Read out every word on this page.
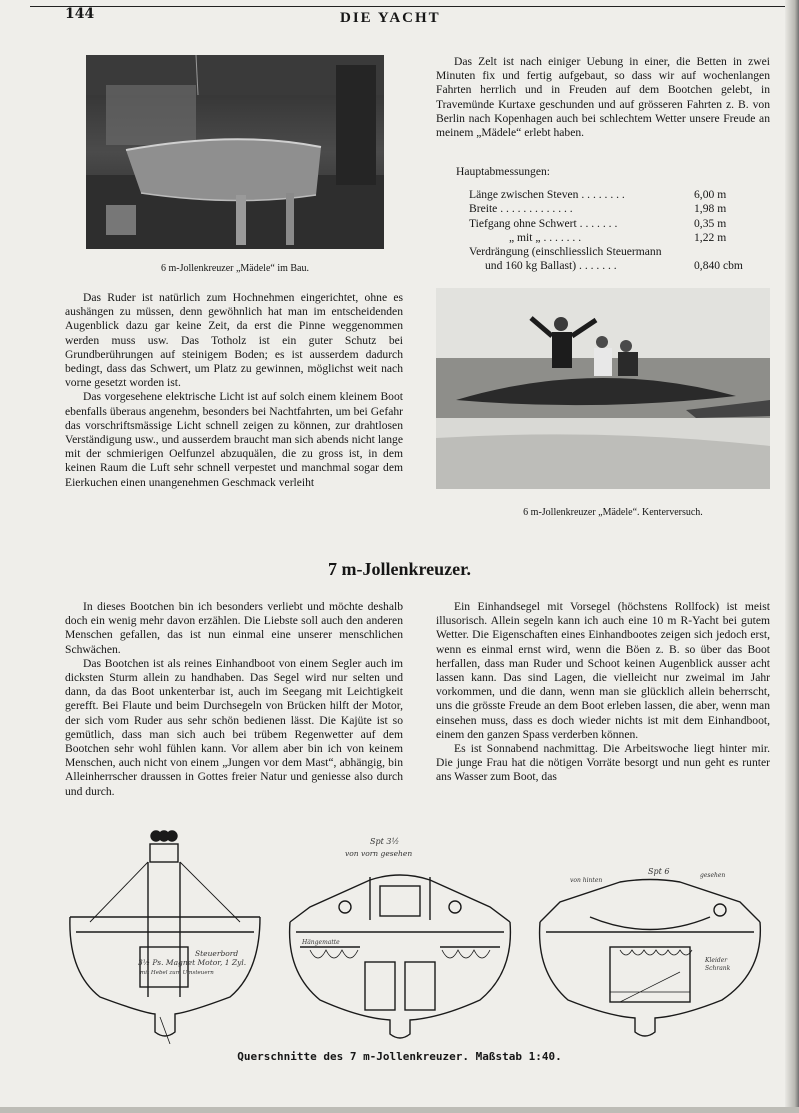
144	DIE YACHT
6 m-Jollenkreuzer „Mädele“ im Bau.

Das Zelt ist nach einiger Uebung in einer, die Betten in zwei Minuten fix und fertig aufgebaut, so dass wir auf wochenlangen Fahrten herrlich und in Freuden auf dem Bootchen gelebt, in Travemünde Kurtaxe geschunden und auf grösseren Fahrten z. B. von Berlin nach Kopenhagen auch bei schlechtem Wetter unsere Freude an meinem „Mädele“ erlebt haben.

Hauptabmessungen:
Länge zwischen Steven . . . . . . . .	6,00 m
Breite . . . . . . . . . . . . .	1,98 m
Tiefgang ohne Schwert . . . . . . .	0,35 m
„ mit „ . . . . . . .	1,22 m
Verdrängung (einschliesslich Steuermann
und 160 kg Ballast) . . . . . . .	0,840 cbm
6 m-Jollenkreuzer „Mädele“. Kenterversuch.

Das Ruder ist natürlich zum Hochnehmen eingerichtet, ohne es aushängen zu müssen, denn gewöhnlich hat man im entscheidenden Augenblick dazu gar keine Zeit, da erst die Pinne weggenommen werden muss usw. Das Totholz ist ein guter Schutz bei Grundberührungen auf steinigem Boden; es ist ausserdem dadurch bedingt, dass das Schwert, um Platz zu gewinnen, möglichst weit nach vorne gesetzt worden ist.

Das vorgesehene elektrische Licht ist auf solch einem kleinem Boot ebenfalls überaus angenehm, besonders bei Nachtfahrten, um bei Gefahr das vorschriftsmässige Licht schnell zeigen zu können, zur drahtlosen Verständigung usw., und ausserdem braucht man sich abends nicht lange mit der schmierigen Oelfunzel abzuquälen, die zu gross ist, in dem keinen Raum die Luft sehr schnell verpestet und manchmal sogar dem Eierkuchen einen unangenehmen Geschmack verleiht

7 m-Jollenkreuzer.

In dieses Bootchen bin ich besonders verliebt und möchte deshalb doch ein wenig mehr davon erzählen. Die Liebste soll auch den anderen Menschen gefallen, das ist nun einmal eine unserer menschlichen Schwächen.

Das Bootchen ist als reines Einhandboot von einem Segler auch im dicksten Sturm allein zu handhaben. Das Segel wird nur selten und dann, da das Boot unkenterbar ist, auch im Seegang mit Leichtigkeit gerefft. Bei Flaute und beim Durchsegeln von Brücken hilft der Motor, der sich vom Ruder aus sehr schön bedienen lässt. Die Kajüte ist so gemütlich, dass man sich auch bei trübem Regenwetter auf dem Bootchen sehr wohl fühlen kann. Vor allem aber bin ich von keinem Menschen, auch nicht von einem „Jungen vor dem Mast“, abhängig, bin Alleinherrscher draussen in Gottes freier Natur und geniesse also durch und durch.

Ein Einhandsegel mit Vorsegel (höchstens Rollfock) ist meist illusorisch. Allein segeln kann ich auch eine 10 m R-Yacht bei gutem Wetter. Die Eigenschaften eines Einhandbootes zeigen sich jedoch erst, wenn es einmal ernst wird, wenn die Böen z. B. so über das Boot herfallen, dass man Ruder und Schoot keinen Augenblick ausser acht lassen kann. Das sind Lagen, die vielleicht nur zweimal im Jahr vorkommen, und die dann, wenn man sie glücklich allein beherrscht, uns die grösste Freude an dem Boot erleben lassen, die aber, wenn man einsehen muss, dass es doch wieder nichts ist mit dem Einhandboot, einem den ganzen Spass verderben können.

Es ist Sonnabend nachmittag. Die Arbeitswoche liegt hinter mir. Die junge Frau hat die nötigen Vorräte besorgt und nun geht es runter ans Wasser zum Boot, das

3½ Ps. Magnet Motor, 1 Zyl.
mit Hebel zum Umsteuern
Steuerbord
Spt 3½
von vorn gesehen
Hängematte
Spt 6
von hinten
gesehen
Kleider
Schrank
Querschnitte des 7 m-Jollenkreuzer. Maßstab 1:40.
